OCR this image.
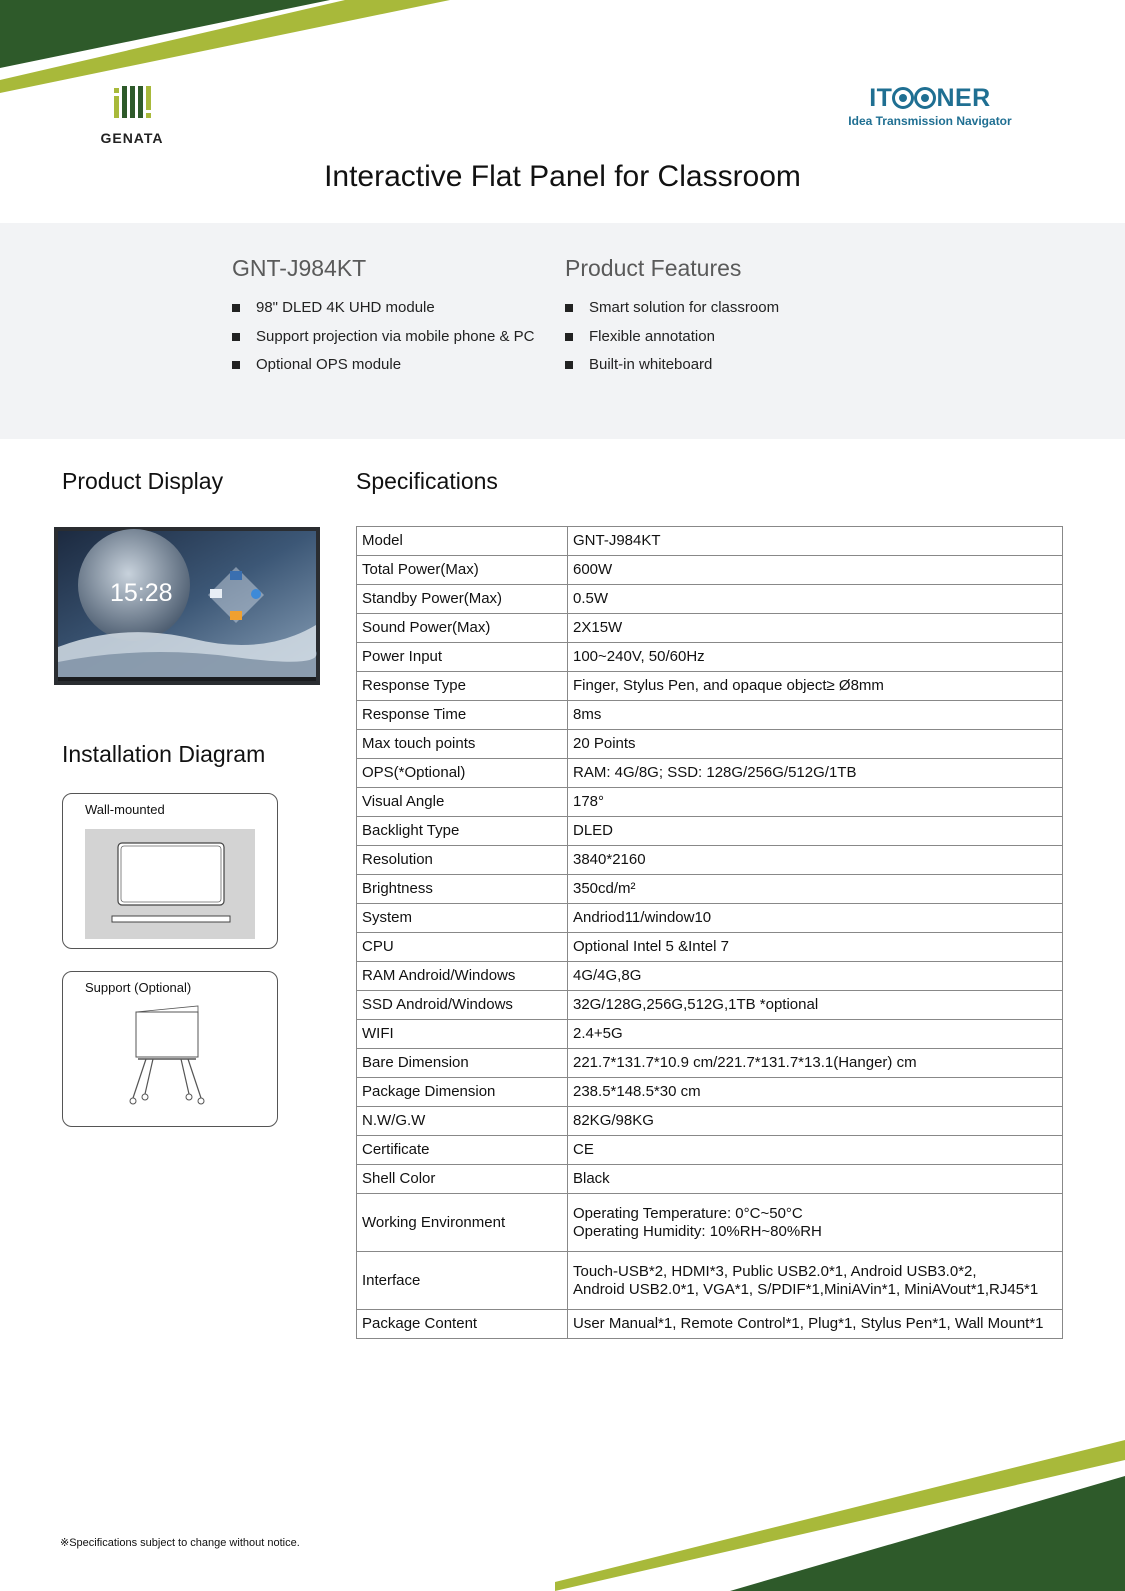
GENATA
IT NER
Idea Transmission Navigator
Interactive Flat Panel for Classroom
GNT-J984KT
98" DLED 4K UHD module
Support projection via mobile phone & PC
Optional OPS module
Product Features
Smart solution for classroom
Flexible annotation
Built-in whiteboard
Product Display
15:28
Installation Diagram
Wall-mounted
Support (Optional)
Specifications
Model	GNT-J984KT

Total Power(Max)	600W

Standby Power(Max)	0.5W

Sound Power(Max)	2X15W

Power Input	100~240V, 50/60Hz

Response Type	Finger, Stylus Pen, and opaque object≥ Ø8mm

Response Time	8ms

Max touch points	20 Points

OPS(*Optional)	RAM: 4G/8G; SSD: 128G/256G/512G/1TB

Visual Angle	178°

Backlight Type	DLED

Resolution	3840*2160

Brightness	350cd/m²

System	Andriod11/window10

CPU	Optional Intel 5 &Intel 7

RAM Android/Windows	4G/4G,8G

SSD Android/Windows	32G/128G,256G,512G,1TB *optional

WIFI	2.4+5G

Bare Dimension	221.7*131.7*10.9 cm/221.7*131.7*13.1(Hanger) cm

Package Dimension	238.5*148.5*30 cm

N.W/G.W	82KG/98KG

Certificate	CE

Shell Color	Black

Working Environment	Operating Temperature: 0°C~50°C
Operating Humidity: 10%RH~80%RH

Interface	Touch-USB*2, HDMI*3, Public USB2.0*1, Android USB3.0*2,
Android USB2.0*1, VGA*1, S/PDIF*1,MiniAVin*1, MiniAVout*1,RJ45*1

Package Content	User Manual*1, Remote Control*1, Plug*1, Stylus Pen*1, Wall Mount*1
※Specifications subject to change without notice.
